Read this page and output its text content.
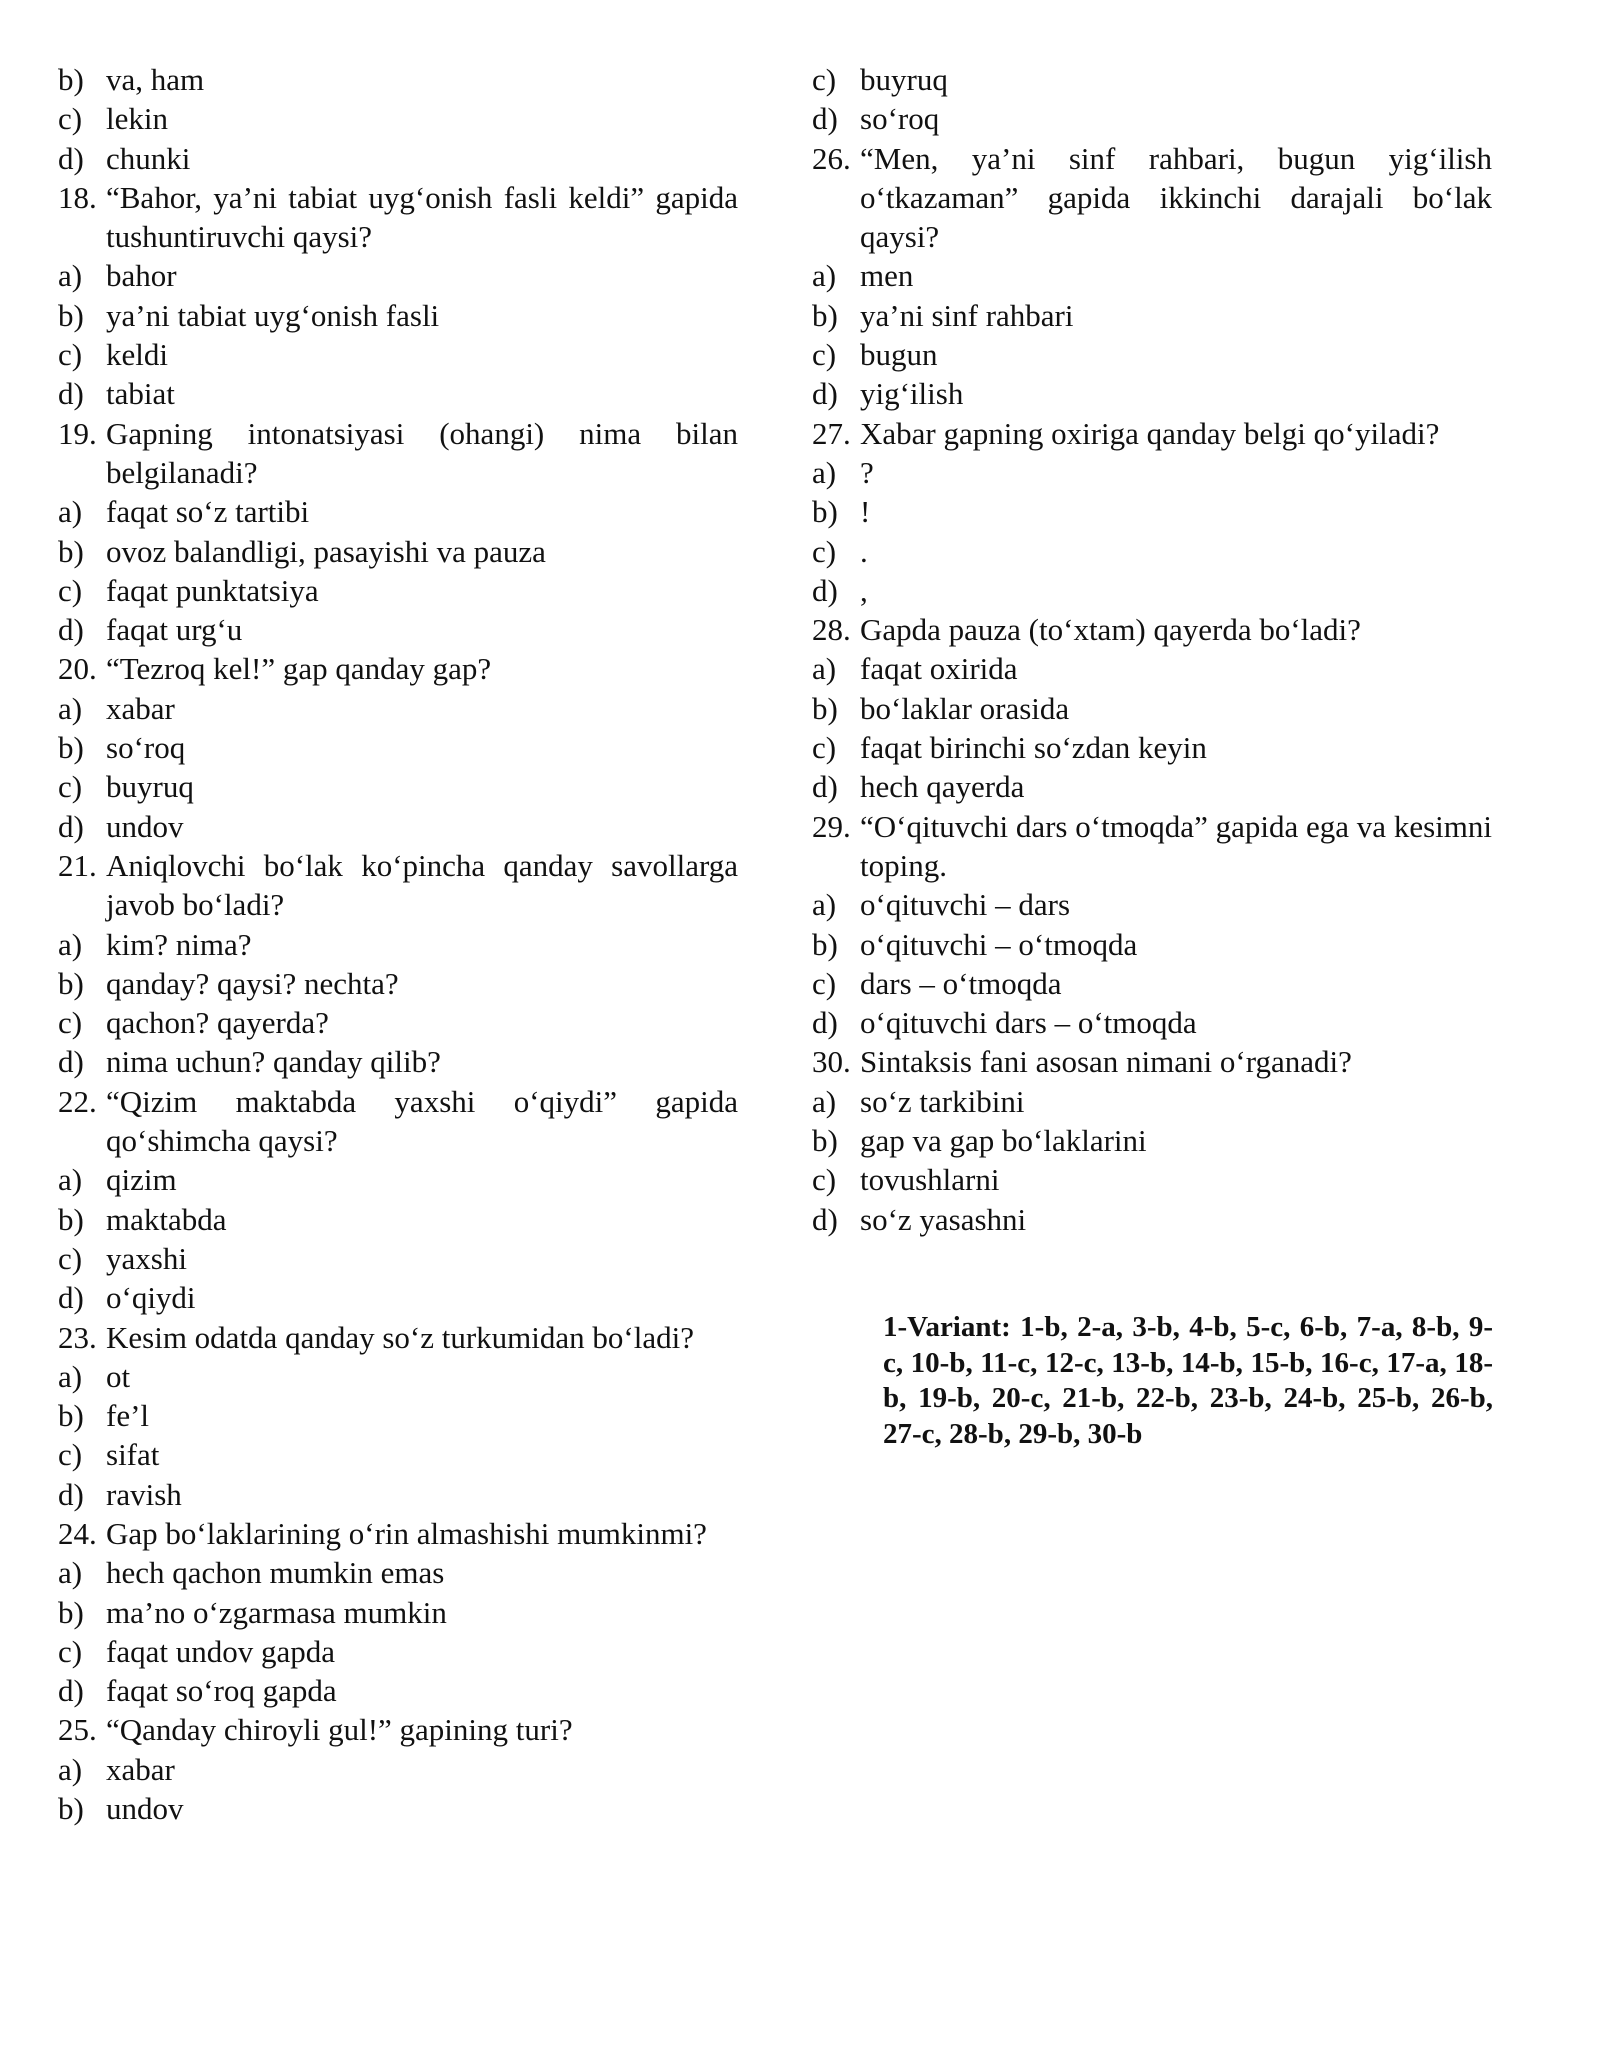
b) va, ham
c) lekin
d) chunki
18. “Bahor, ya’ni tabiat uyg‘onish fasli keldi” gapida tushuntiruvchi qaysi?
a) bahor
b) ya’ni tabiat uyg‘onish fasli
c) keldi
d) tabiat
19. Gapning intonatsiyasi (ohangi) nima bilan belgilanadi?
a) faqat so‘z tartibi
b) ovoz balandligi, pasayishi va pauza
c) faqat punktatsiya
d) faqat urg‘u
20. “Tezroq kel!” gap qanday gap?
a) xabar
b) so‘roq
c) buyruq
d) undov
21. Aniqlovchi bo‘lak ko‘pincha qanday savollarga javob bo‘ladi?
a) kim? nima?
b) qanday? qaysi? nechta?
c) qachon? qayerda?
d) nima uchun? qanday qilib?
22. “Qizim maktabda yaxshi o‘qiydi” gapida qo‘shimcha qaysi?
a) qizim
b) maktabda
c) yaxshi
d) o‘qiydi
23. Kesim odatda qanday so‘z turkumidan bo‘ladi?
a) ot
b) fe’l
c) sifat
d) ravish
24. Gap bo‘laklarining o‘rin almashishi mumkinmi?
a) hech qachon mumkin emas
b) ma’no o‘zgarmasa mumkin
c) faqat undov gapda
d) faqat so‘roq gapda
25. “Qanday chiroyli gul!” gapining turi?
a) xabar
b) undov
c) buyruq
d) so‘roq
26. “Men, ya’ni sinf rahbari, bugun yig‘ilish o‘tkazaman” gapida ikkinchi darajali bo‘lak qaysi?
a) men
b) ya’ni sinf rahbari
c) bugun
d) yig‘ilish
27. Xabar gapning oxiriga qanday belgi qo‘yiladi?
a) ?
b) !
c) .
d) ,
28. Gapda pauza (to‘xtam) qayerda bo‘ladi?
a) faqat oxirida
b) bo‘laklar orasida
c) faqat birinchi so‘zdan keyin
d) hech qayerda
29. “O‘qituvchi dars o‘tmoqda” gapida ega va kesimni toping.
a) o‘qituvchi – dars
b) o‘qituvchi – o‘tmoqda
c) dars – o‘tmoqda
d) o‘qituvchi dars – o‘tmoqda
30. Sintaksis fani asosan nimani o‘rganadi?
a) so‘z tarkibini
b) gap va gap bo‘laklarini
c) tovushlarni
d) so‘z yasashni
1-Variant: 1-b, 2-a, 3-b, 4-b, 5-c, 6-b, 7-a, 8-b, 9-c, 10-b, 11-c, 12-c, 13-b, 14-b, 15-b, 16-c, 17-a, 18-b, 19-b, 20-c, 21-b, 22-b, 23-b, 24-b, 25-b, 26-b, 27-c, 28-b, 29-b, 30-b
